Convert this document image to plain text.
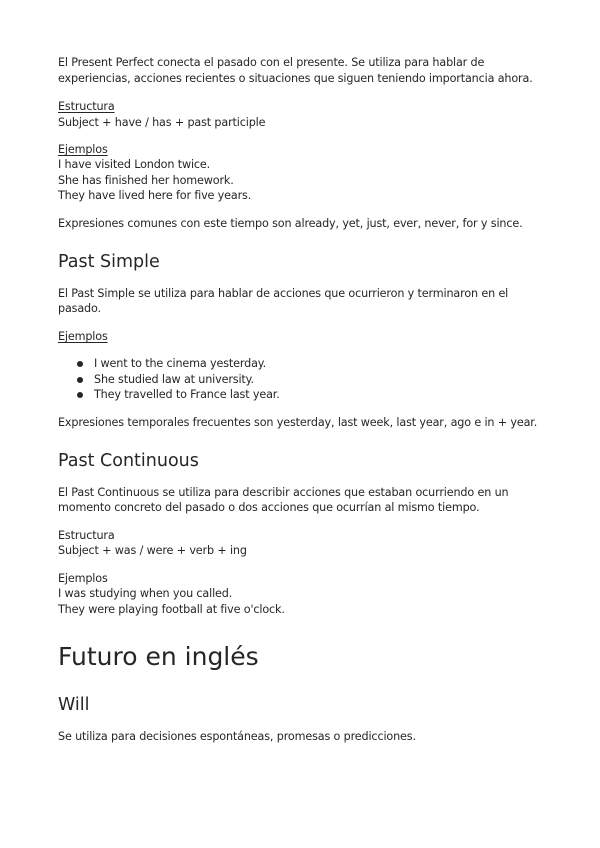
El Present Perfect conecta el pasado con el presente. Se utiliza para hablar de
experiencias, acciones recientes o situaciones que siguen teniendo importancia ahora.
Estructura
Subject + have / has + past participle
Ejemplos
I have visited London twice.
She has finished her homework.
They have lived here for five years.
Expresiones comunes con este tiempo son already, yet, just, ever, never, for y since.
Past Simple
El Past Simple se utiliza para hablar de acciones que ocurrieron y terminaron en el
pasado.
Ejemplos
I went to the cinema yesterday.
She studied law at university.
They travelled to France last year.
Expresiones temporales frecuentes son yesterday, last week, last year, ago e in + year.
Past Continuous
El Past Continuous se utiliza para describir acciones que estaban ocurriendo en un
momento concreto del pasado o dos acciones que ocurrían al mismo tiempo.
Estructura
Subject + was / were + verb + ing
Ejemplos
I was studying when you called.
They were playing football at five o'clock.
Futuro en inglés
Will
Se utiliza para decisiones espontáneas, promesas o predicciones.
